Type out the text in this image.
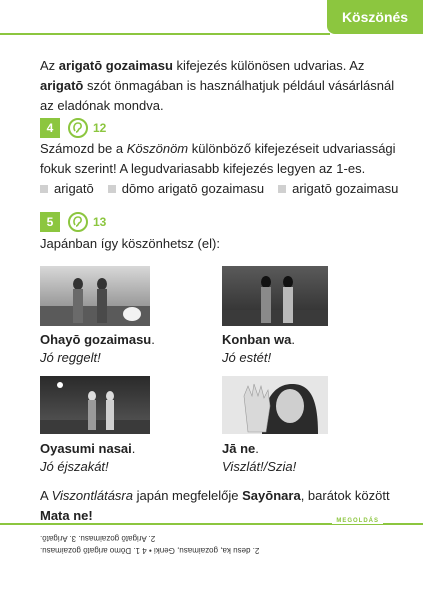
Köszönés
Az arigatō gozaimasu kifejezés különösen udvarias. Az arigatō szót önmagában is használhatjuk például vásárlásnál az eladónak mondva.
4	12
Számozd be a Köszönöm különböző kifejezéseit udvariassági fokuk szerint! A legudvariasabb kifejezés legyen az 1-es.
arigatō dōmo arigatō gozaimasu arigatō gozaimasu
5	13
Japánban így köszönhetsz (el):
Ohayō gozaimasu.
Jó reggelt!
Konban wa.
Jó estét!
Oyasumi nasai.
Jó éjszakát!
Jā ne.
Viszlát!/Szia!
A Viszontlátásra japán megfelelője Sayōnara, barátok között
Mata ne!	MEGOLDÁS
2. desu ka, gozaimasu, Genki • 4 1. Dōmo arigatō gozaimasu.
2. Arigatō gozaimasu. 3. Arigatō.
